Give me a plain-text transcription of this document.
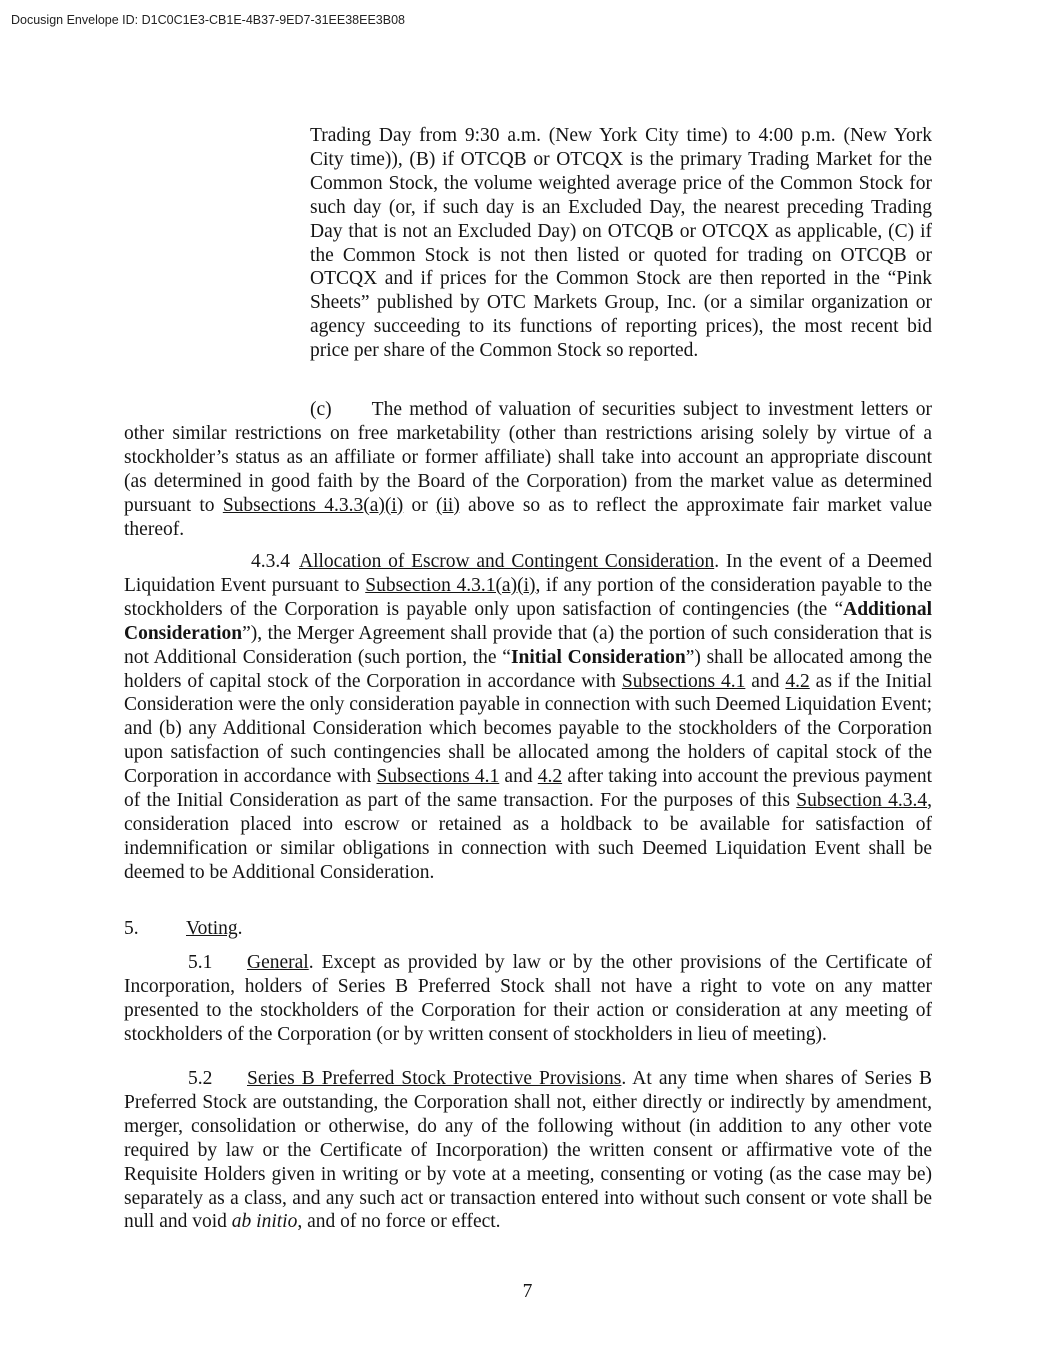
Docusign Envelope ID: D1C0C1E3-CB1E-4B37-9ED7-31EE38EE3B08

Trading Day from 9:30 a.m. (New York City time) to 4:00 p.m. (New York City time)), (B) if OTCQB or OTCQX is the primary Trading Market for the Common Stock, the volume weighted average price of the Common Stock for such day (or, if such day is an Excluded Day, the nearest preceding Trading Day that is not an Excluded Day) on OTCQB or OTCQX as applicable, (C) if the Common Stock is not then listed or quoted for trading on OTCQB or OTCQX and if prices for the Common Stock are then reported in the “Pink Sheets” published by OTC Markets Group, Inc. (or a similar organization or agency succeeding to its functions of reporting prices), the most recent bid price per share of the Common Stock so reported.

(c) The method of valuation of securities subject to investment letters or other similar restrictions on free marketability (other than restrictions arising solely by virtue of a stockholder’s status as an affiliate or former affiliate) shall take into account an appropriate discount (as determined in good faith by the Board of the Corporation) from the market value as determined pursuant to Subsections 4.3.3(a)(i) or (ii) above so as to reflect the approximate fair market value thereof.

4.3.4 Allocation of Escrow and Contingent Consideration. In the event of a Deemed Liquidation Event pursuant to Subsection 4.3.1(a)(i), if any portion of the consideration payable to the stockholders of the Corporation is payable only upon satisfaction of contingencies (the “Additional Consideration”), the Merger Agreement shall provide that (a) the portion of such consideration that is not Additional Consideration (such portion, the “Initial Consideration”) shall be allocated among the holders of capital stock of the Corporation in accordance with Subsections 4.1 and 4.2 as if the Initial Consideration were the only consideration payable in connection with such Deemed Liquidation Event; and (b) any Additional Consideration which becomes payable to the stockholders of the Corporation upon satisfaction of such contingencies shall be allocated among the holders of capital stock of the Corporation in accordance with Subsections 4.1 and 4.2 after taking into account the previous payment of the Initial Consideration as part of the same transaction. For the purposes of this Subsection 4.3.4, consideration placed into escrow or retained as a holdback to be available for satisfaction of indemnification or similar obligations in connection with such Deemed Liquidation Event shall be deemed to be Additional Consideration.

5. Voting.

5.1 General. Except as provided by law or by the other provisions of the Certificate of Incorporation, holders of Series B Preferred Stock shall not have a right to vote on any matter presented to the stockholders of the Corporation for their action or consideration at any meeting of stockholders of the Corporation (or by written consent of stockholders in lieu of meeting).

5.2 Series B Preferred Stock Protective Provisions. At any time when shares of Series B Preferred Stock are outstanding, the Corporation shall not, either directly or indirectly by amendment, merger, consolidation or otherwise, do any of the following without (in addition to any other vote required by law or the Certificate of Incorporation) the written consent or affirmative vote of the Requisite Holders given in writing or by vote at a meeting, consenting or voting (as the case may be) separately as a class, and any such act or transaction entered into without such consent or vote shall be null and void ab initio, and of no force or effect.

7
